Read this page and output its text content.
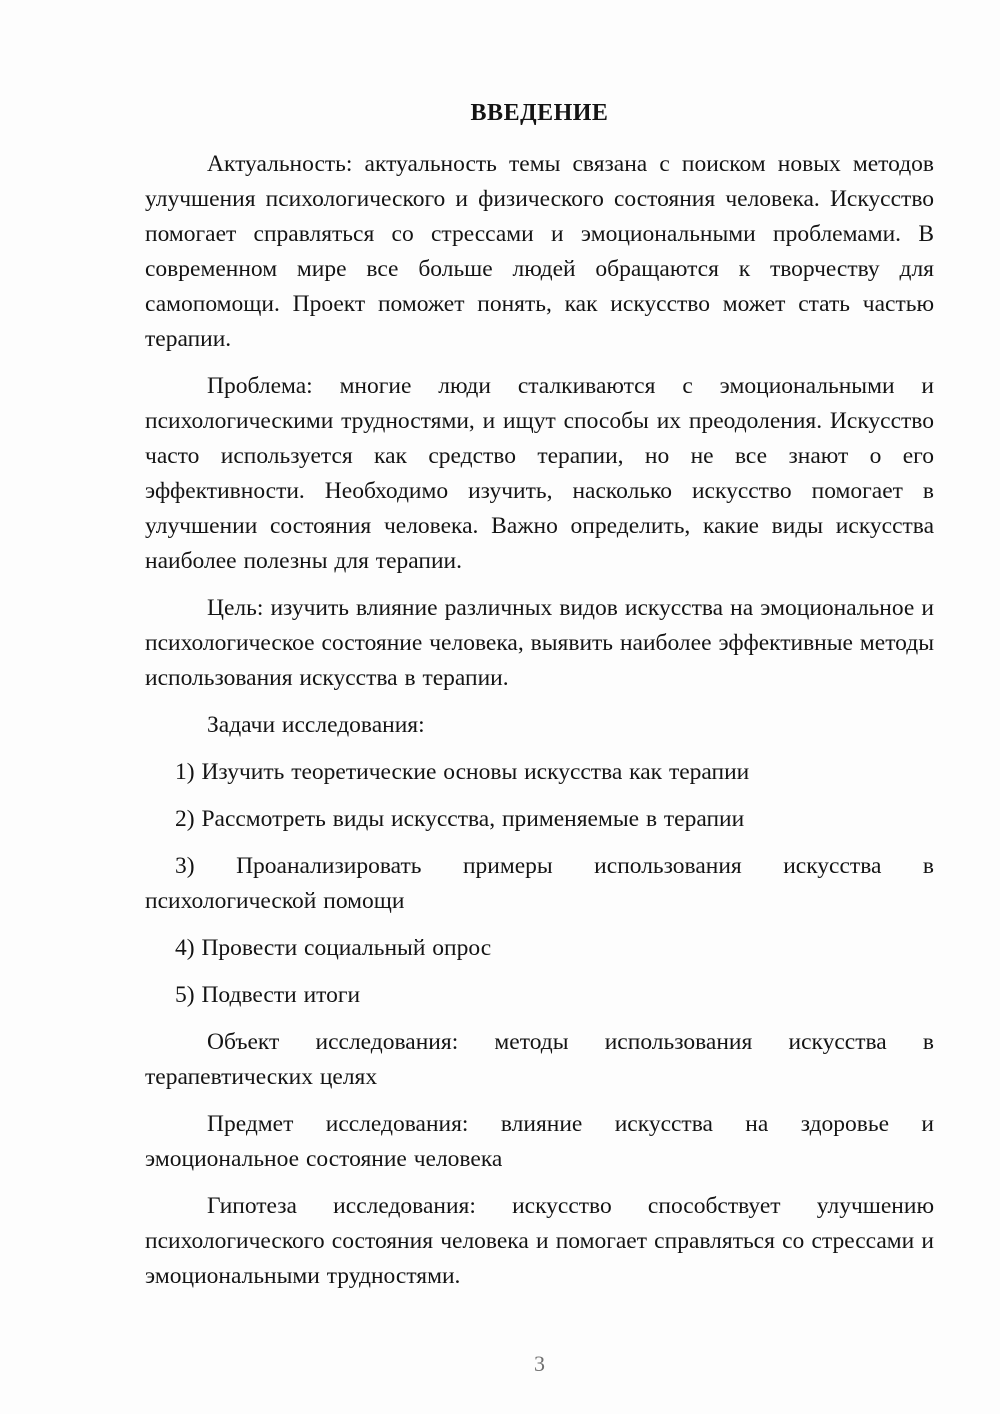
ВВЕДЕНИЕ

Актуальность: актуальность темы связана с поиском новых методов улучшения психологического и физического состояния человека. Искусство помогает справляться со стрессами и эмоциональными проблемами. В современном мире все больше людей обращаются к творчеству для самопомощи. Проект поможет понять, как искусство может стать частью терапии.

Проблема: многие люди сталкиваются с эмоциональными и психологическими трудностями, и ищут способы их преодоления. Искусство часто используется как средство терапии, но не все знают о его эффективности. Необходимо изучить, насколько искусство помогает в улучшении состояния человека. Важно определить, какие виды искусства наиболее полезны для терапии.

Цель: изучить влияние различных видов искусства на эмоциональное и психологическое состояние человека, выявить наиболее эффективные методы использования искусства в терапии.

Задачи исследования:

1) Изучить теоретические основы искусства как терапии

2) Рассмотреть виды искусства, применяемые в терапии

3) Проанализировать примеры использования искусства в психологической помощи

4) Провести социальный опрос

5) Подвести итоги

Объект исследования: методы использования искусства в терапевтических целях

Предмет исследования: влияние искусства на здоровье и эмоциональное состояние человека

Гипотеза исследования: искусство способствует улучшению психологического состояния человека и помогает справляться со стрессами и эмоциональными трудностями.

3
